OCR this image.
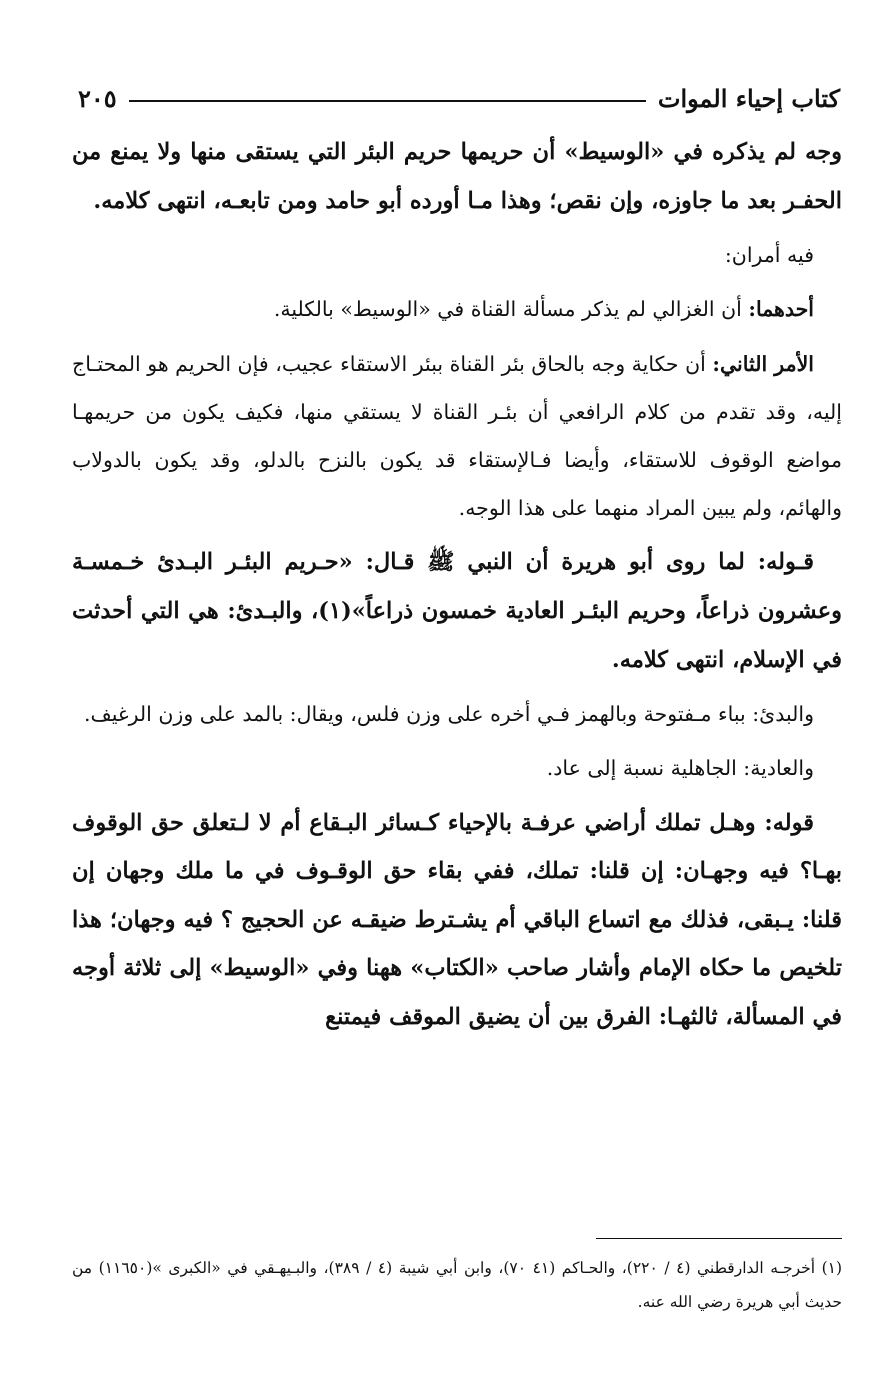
كتاب إحياء الموات
٢٠٥

وجه لم يذكره في «الوسيط» أن حريمها حريم البئر التي يستقى منها ولا يمنع من الحفـر بعد ما جاوزه، وإن نقص؛ وهذا مـا أورده أبو حامد ومن تابعـه، انتهى كلامه.

فيه أمران:

أحدهما: أن الغزالي لم يذكر مسألة القناة في «الوسيط» بالكلية.

الأمر الثاني: أن حكاية وجه بالحاق بئر القناة ببئر الاستقاء عجيب، فإن الحريم هو المحتـاج إليه، وقد تقدم من كلام الرافعي أن بئـر القناة لا يستقي منها، فكيف يكون من حريمهـا مواضع الوقوف للاستقاء، وأيضا فـالإستقاء قد يكون بالنزح بالدلو، وقد يكون بالدولاب والهائم، ولم يبين المراد منهما على هذا الوجه.

قـوله: لما روى أبو هريرة أن النبي ﷺ قـال: «حـريم البئـر البـدئ خـمسـة وعشرون ذراعاً، وحريم البئـر العادية خمسون ذراعاً»(١)، والبـدئ: هي التي أحدثت في الإسلام، انتهى كلامه.

والبدئ: بباء مـفتوحة وبالهمز فـي أخره على وزن فلس، ويقال: بالمد على وزن الرغيف.

والعادية: الجاهلية نسبة إلى عاد.

قوله: وهـل تملك أراضي عرفـة بالإحياء كـسائر البـقاع أم لا لـتعلق حق الوقوف بهـا؟ فيه وجهـان: إن قلنا: تملك، ففي بقاء حق الوقـوف في ما ملك وجهان إن قلنا: يـبقى، فذلك مع اتساع الباقي أم يشـترط ضيقـه عن الحجيج ؟ فيه وجهان؛ هذا تلخيص ما حكاه الإمام وأشار صاحب «الكتاب» ههنا وفي «الوسيط» إلى ثلاثة أوجه في المسألة، ثالثهـا: الفرق بين أن يضيق الموقف فيمتنع

(١) أخرجـه الدارقطني (٤ / ٢٢٠)، والحـاكم (٤١ ٧٠)، وابن أبي شيبة (٤ / ٣٨٩)، والبـيهـقي في «الكبرى »(١١٦٥٠) من حديث أبي هريرة رضي الله عنه.
